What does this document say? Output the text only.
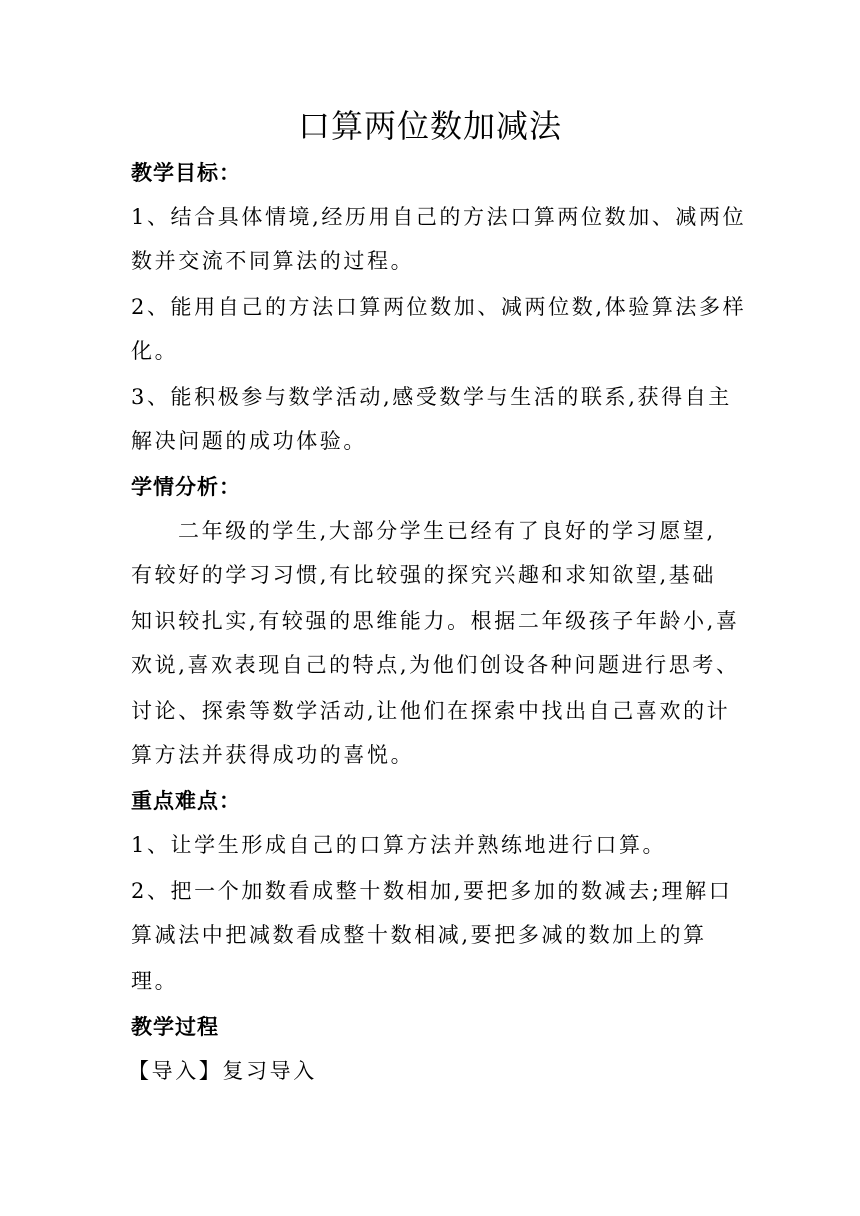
口算两位数加减法
教学目标：
1、结合具体情境,经历用自己的方法口算两位数加、减两位
数并交流不同算法的过程。
2、能用自己的方法口算两位数加、减两位数,体验算法多样
化。
3、能积极参与数学活动,感受数学与生活的联系,获得自主
解决问题的成功体验。
学情分析：
二年级的学生,大部分学生已经有了良好的学习愿望,
有较好的学习习惯,有比较强的探究兴趣和求知欲望,基础
知识较扎实,有较强的思维能力。根据二年级孩子年龄小,喜
欢说,喜欢表现自己的特点,为他们创设各种问题进行思考、
讨论、探索等数学活动,让他们在探索中找出自己喜欢的计
算方法并获得成功的喜悦。
重点难点：
1、让学生形成自己的口算方法并熟练地进行口算。
2、把一个加数看成整十数相加,要把多加的数减去;理解口
算减法中把减数看成整十数相减,要把多减的数加上的算
理。
教学过程
【导入】复习导入
